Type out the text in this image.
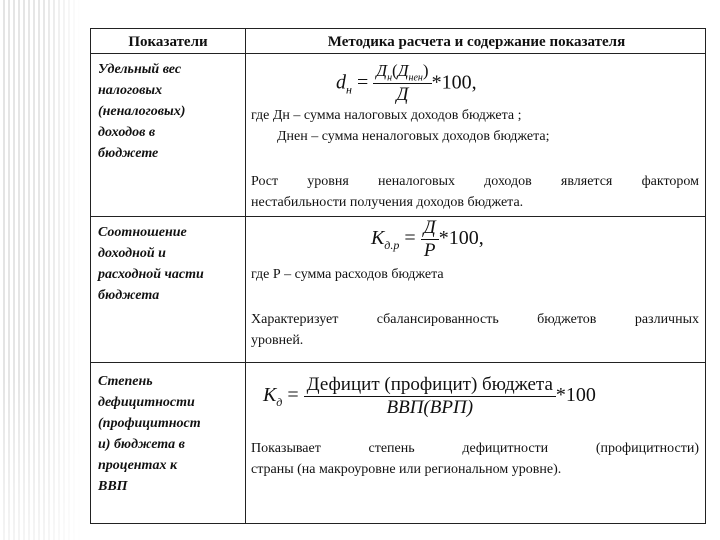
Показатели	Методика расчета и содержание показателя
Удельный вес
налоговых
(неналоговых)
доходов в
бюджете
$d_н = \frac{Д_н(Д_{нен})}{Д} *100$,
где Дн – сумма налоговых доходов бюджета ;
Днен – сумма неналоговых доходов бюджета;
Рост уровня неналоговых доходов является фактором
нестабильности получения доходов бюджета.
Соотношение
доходной и
расходной части
бюджета
$К_{д.р} = \frac{Д}{Р} *100$,
где Р – сумма расходов бюджета
Характеризует сбалансированность бюджетов различных
уровней.
Степень
дефицитности
(профицитност
и) бюджета в
процентах к
ВВП
$К_д = \frac{\text{Дефицит (профицит) бюджета}}{\text{ВВП(ВРП)}} *100$
Показывает степень дефицитности (профицитности)
страны (на макроуровне или региональном уровне).
